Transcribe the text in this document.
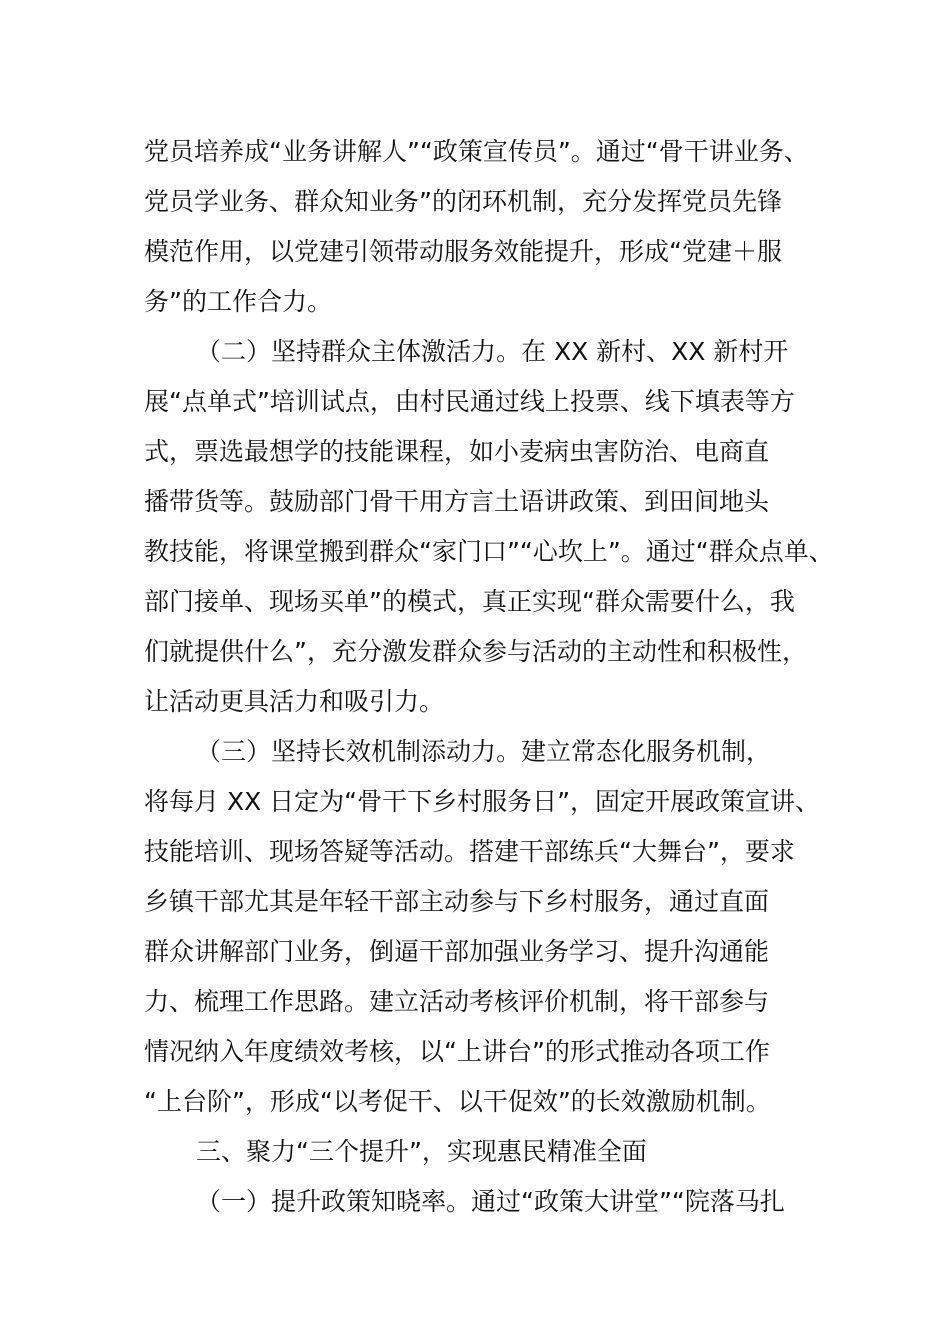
党员培养成“业务讲解人”“政策宣传员”。通过“骨干讲业务、
党员学业务、群众知业务”的闭环机制，充分发挥党员先锋
模范作用，以党建引领带动服务效能提升，形成“党建＋服
务”的工作合力。
（二）坚持群众主体激活力。在 XX 新村、XX 新村开
展“点单式”培训试点，由村民通过线上投票、线下填表等方
式，票选最想学的技能课程，如小麦病虫害防治、电商直
播带货等。鼓励部门骨干用方言土语讲政策、到田间地头
教技能，将课堂搬到群众“家门口”“心坎上”。通过“群众点单、
部门接单、现场买单”的模式，真正实现“群众需要什么，我
们就提供什么”，充分激发群众参与活动的主动性和积极性，
让活动更具活力和吸引力。
（三）坚持长效机制添动力。建立常态化服务机制，
将每月 XX 日定为“骨干下乡村服务日”，固定开展政策宣讲、
技能培训、现场答疑等活动。搭建干部练兵“大舞台”，要求
乡镇干部尤其是年轻干部主动参与下乡村服务，通过直面
群众讲解部门业务，倒逼干部加强业务学习、提升沟通能
力、梳理工作思路。建立活动考核评价机制，将干部参与
情况纳入年度绩效考核，以“上讲台”的形式推动各项工作
“上台阶”，形成“以考促干、以干促效”的长效激励机制。
三、聚力“三个提升”，实现惠民精准全面
（一）提升政策知晓率。通过“政策大讲堂”“院落马扎
